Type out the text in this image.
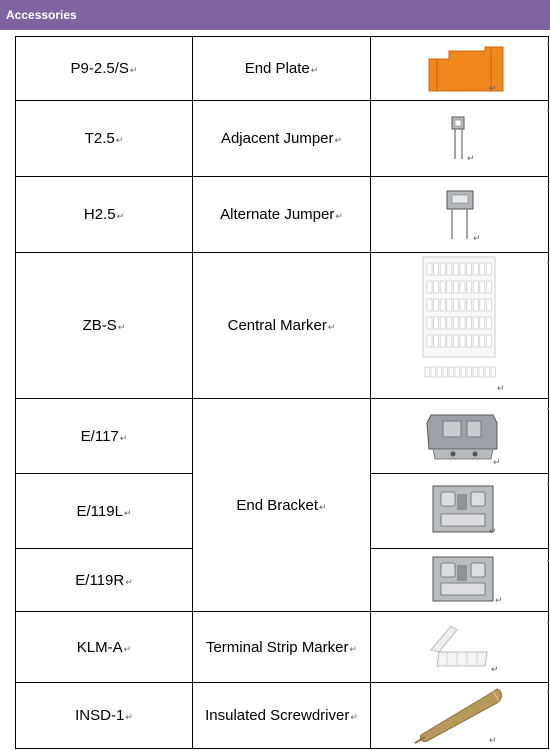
Accessories
P9-2.5/S↵	End Plate↵	↵

T2.5↵	Adjacent Jumper↵	↵

H2.5↵	Alternate Jumper↵	↵

ZB-S↵	Central Marker↵	↵

E/117↵	End Bracket↵	↵

E/119L↵		↵

E/119R↵		↵

KLM-A↵	Terminal Strip Marker↵	↵

INSD-1↵	Insulated Screwdriver↵	↵
